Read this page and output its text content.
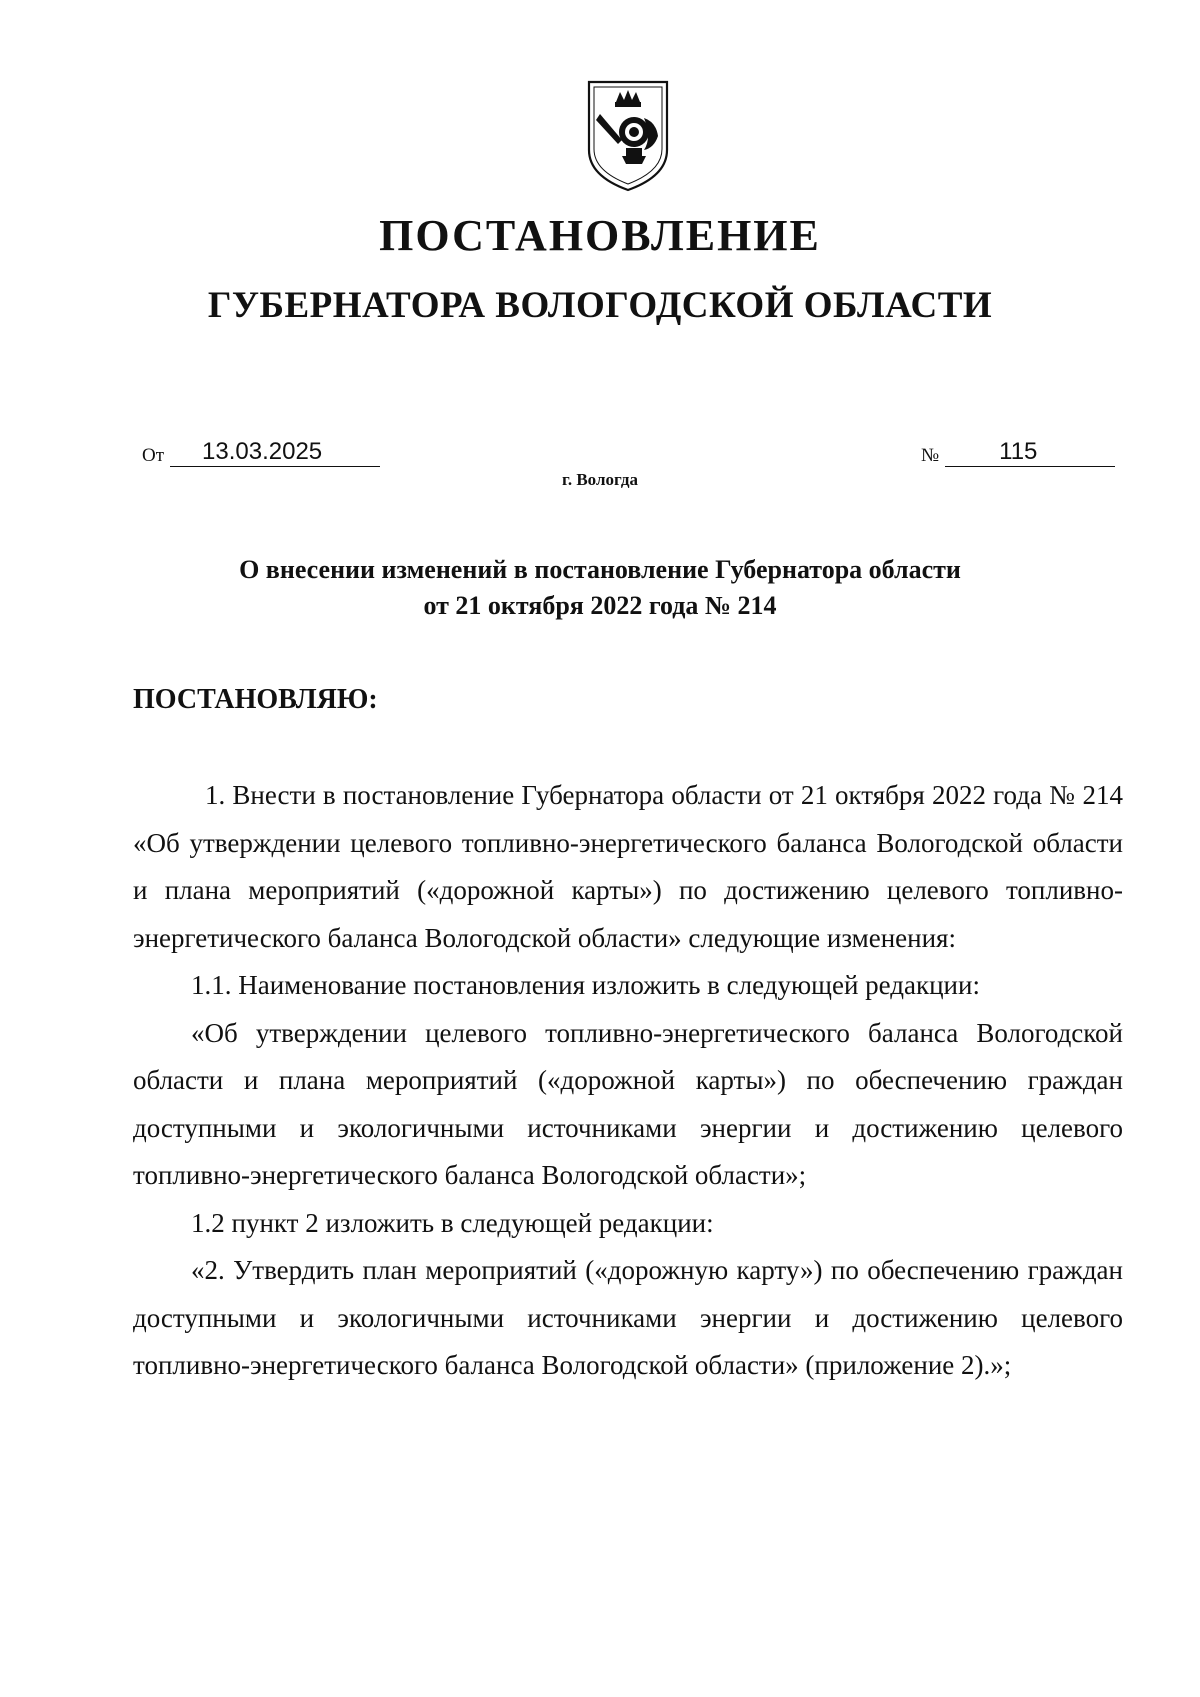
ПОСТАНОВЛЕНИЕ
ГУБЕРНАТОРА ВОЛОГОДСКОЙ ОБЛАСТИ
От 13.03.2025	№	115
г. Вологда
О внесении изменений в постановление Губернатора области
от 21 октября 2022 года № 214
ПОСТАНОВЛЯЮ:

1. Внести в постановление Губернатора области от 21 октября 2022 года № 214 «Об утверждении целевого топливно-энергетического баланса Вологодской области и плана мероприятий («дорожной карты») по достижению целевого топливно-энергетического баланса Вологодской области» следующие изменения:

1.1. Наименование постановления изложить в следующей редакции:

«Об утверждении целевого топливно-энергетического баланса Вологодской области и плана мероприятий («дорожной карты») по обеспечению граждан доступными и экологичными источниками энергии и достижению целевого топливно-энергетического баланса Вологодской области»;

1.2 пункт 2 изложить в следующей редакции:

«2. Утвердить план мероприятий («дорожную карту») по обеспечению граждан доступными и экологичными источниками энергии и достижению целевого топливно-энергетического баланса Вологодской области» (приложение 2).»;
